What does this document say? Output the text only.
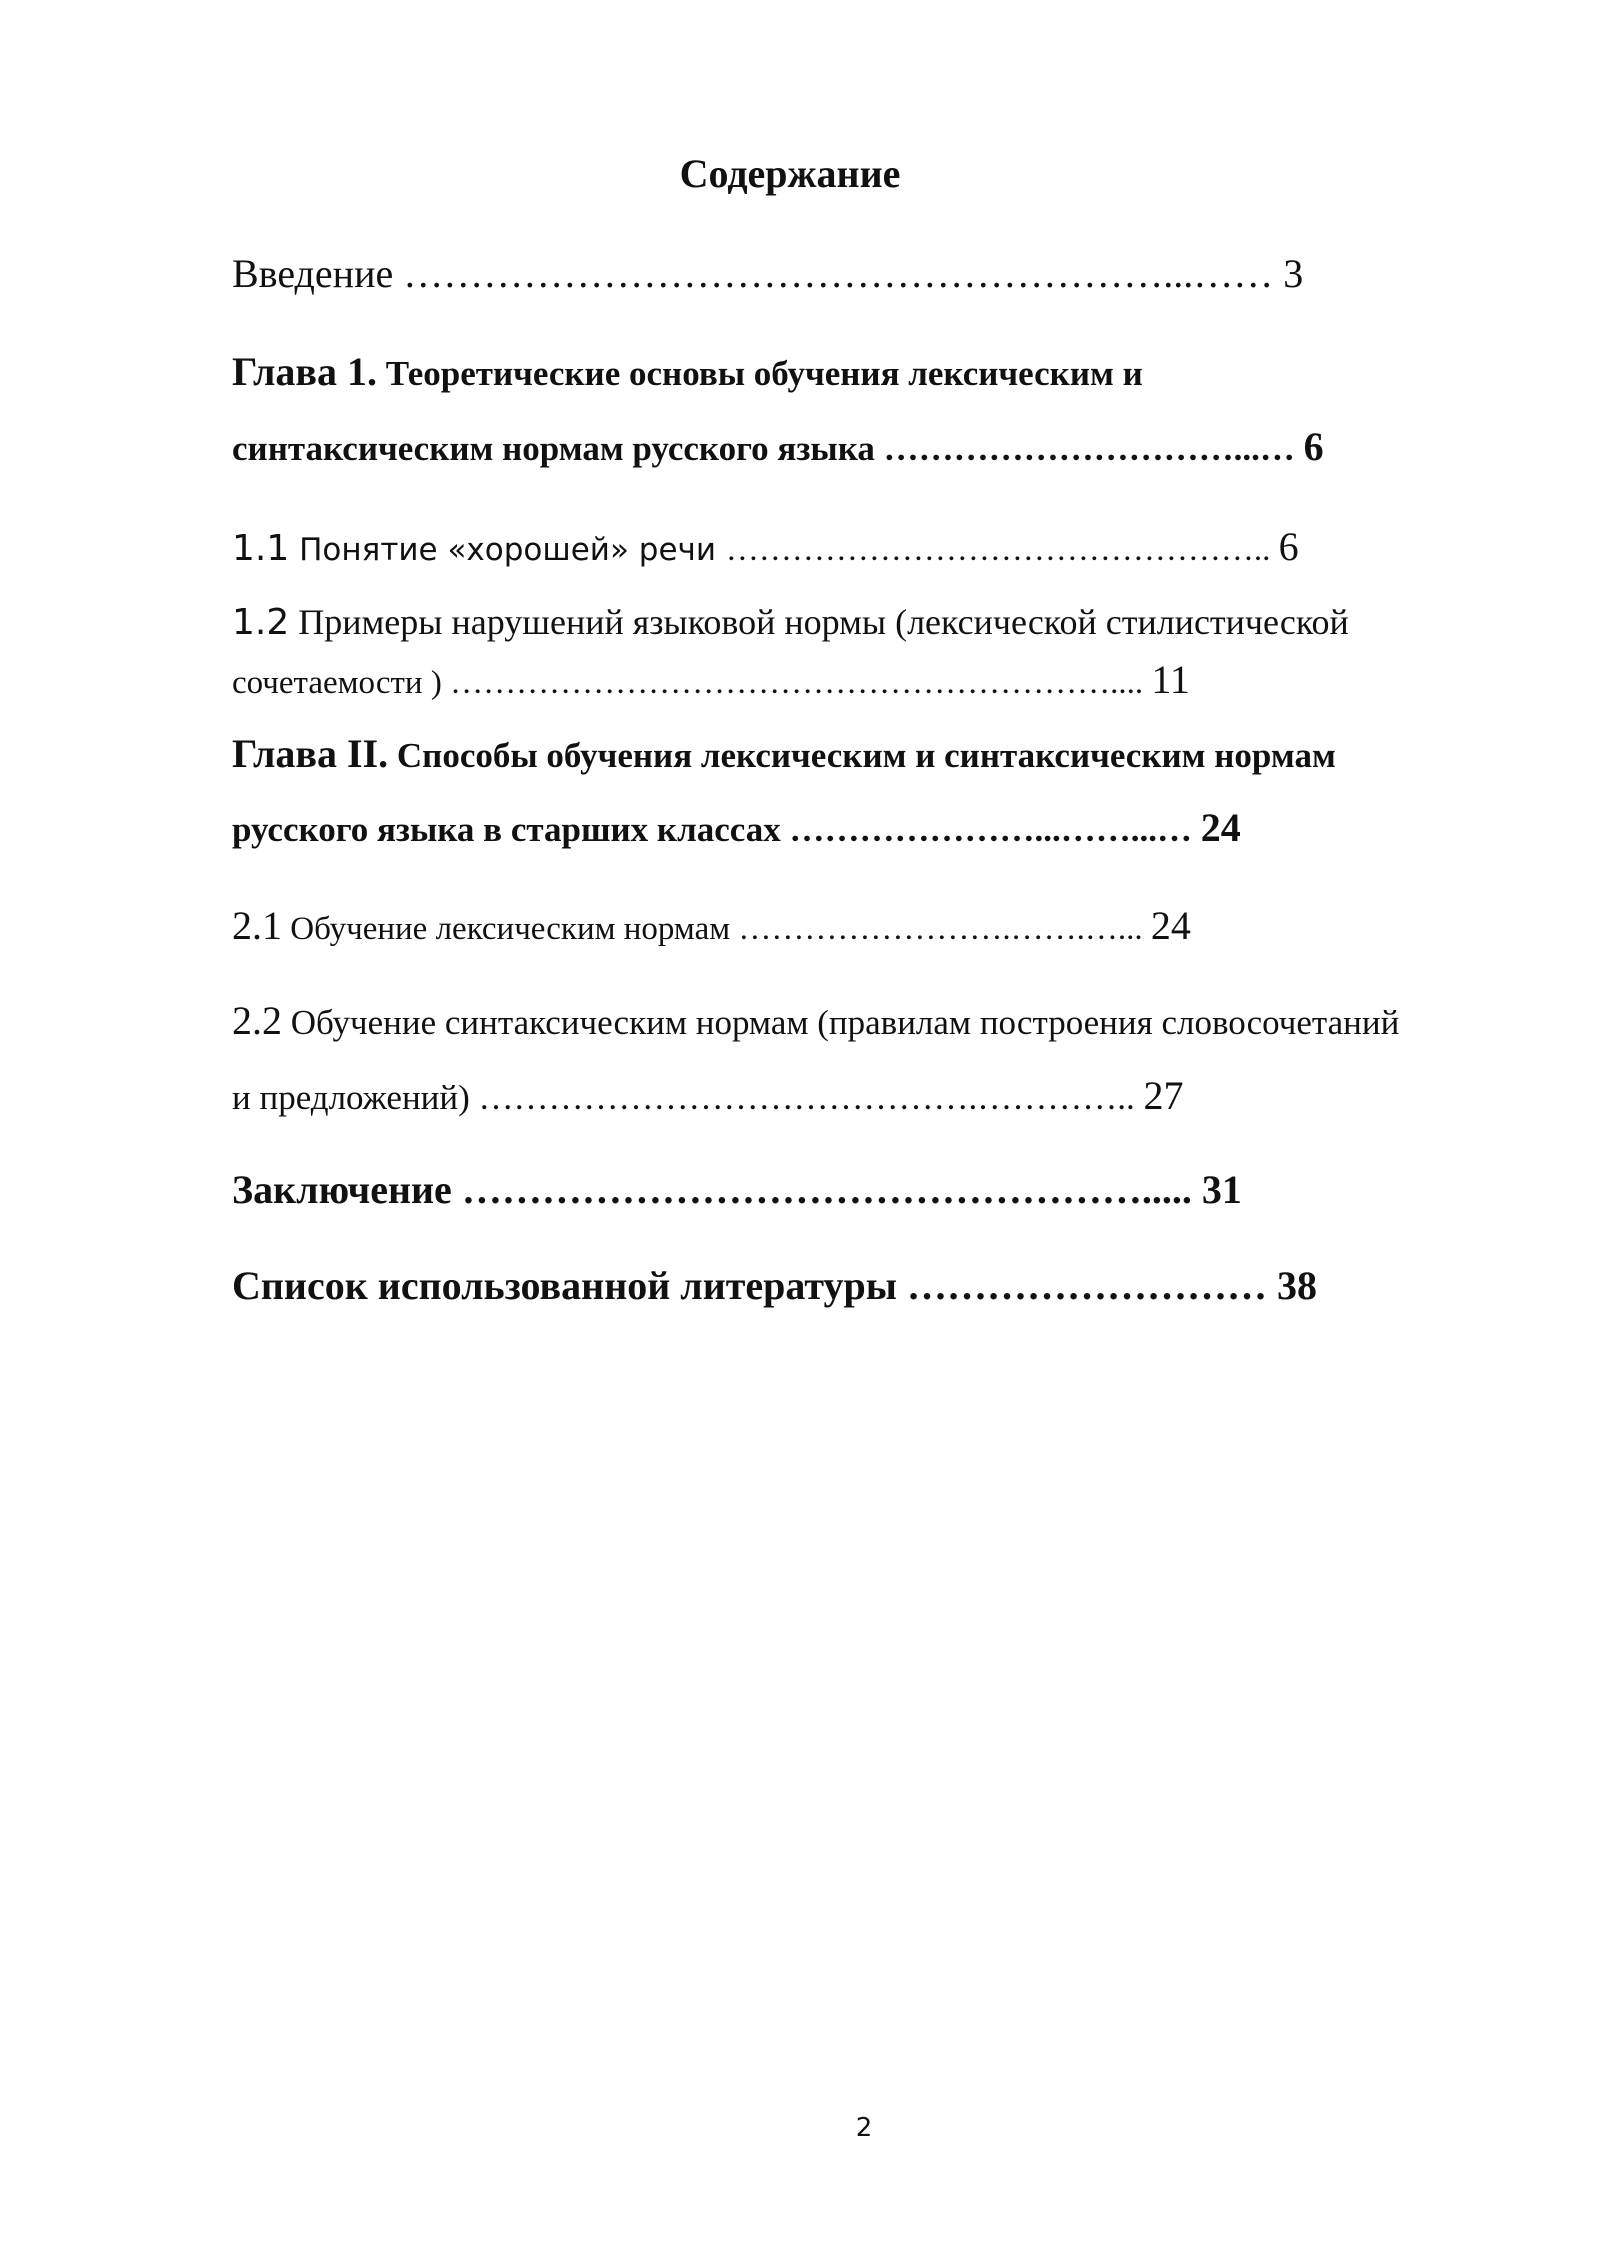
Содержание
Введение …………………………………………………...…… 3
Глава 1. Теоретические основы обучения лексическим и
синтаксическим нормам русского языка …………………………...… 6
1.1 Понятие «хорошей» речи ………………………………………….. 6
1.2 Примеры нарушений языковой нормы (лексической стилистической
сочетаемости ) …………………………………………………….... 11
Глава II. Способы обучения лексическим и синтаксическим нормам
русского языка в старших классах …………………...……...… 24
2.1 Обучение лексическим нормам …………………….…….…... 24
2.2 Обучение синтаксическим нормам (правилам построения словосочетаний
и предложений) …………………………………….………….. 27
Заключение ……………………………………………..... 31
Список использованной литературы ……………………… 38
2
